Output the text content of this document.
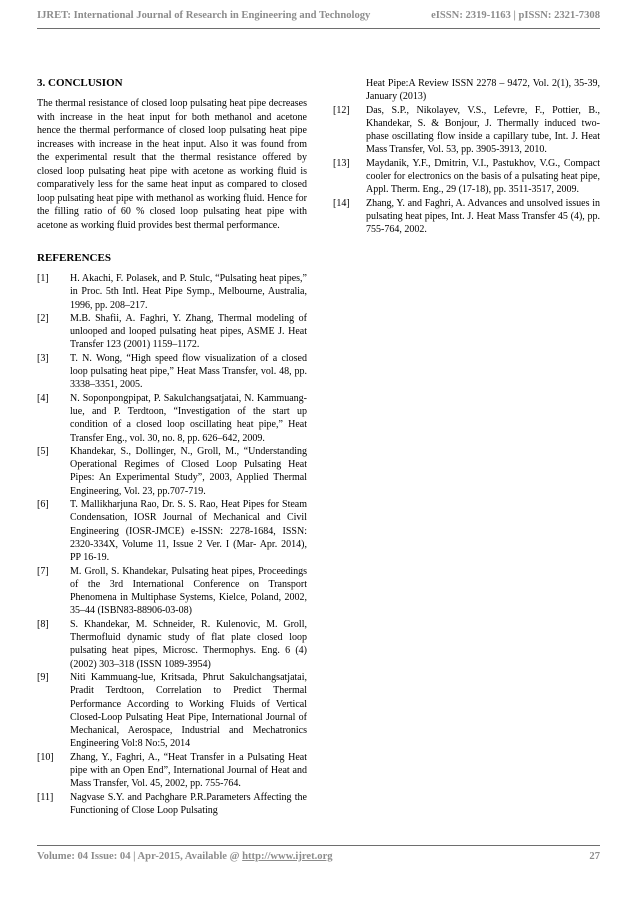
IJRET: International Journal of Research in Engineering and Technology	eISSN: 2319-1163 | pISSN: 2321-7308
3. CONCLUSION

The thermal resistance of closed loop pulsating heat pipe decreases with increase in the heat input for both methanol and acetone hence the thermal performance of closed loop pulsating heat pipe increases with increase in the heat input. Also it was found from the experimental result that the thermal resistance offered by closed loop pulsating heat pipe with acetone as working fluid is comparatively less for the same heat input as compared to closed loop pulsating heat pipe with methanol as working fluid. Hence for the filling ratio of 60 % closed loop pulsating heat pipe with acetone as working fluid provides best thermal performance.

REFERENCES
[1]	H. Akachi, F. Polasek, and P. Stulc, “Pulsating heat pipes,” in Proc. 5th Intl. Heat Pipe Symp., Melbourne, Australia, 1996, pp. 208–217.
[2]	M.B. Shafii, A. Faghri, Y. Zhang, Thermal modeling of unlooped and looped pulsating heat pipes, ASME J. Heat Transfer 123 (2001) 1159–1172.
[3]	T. N. Wong, “High speed flow visualization of a closed loop pulsating heat pipe,” Heat Mass Transfer, vol. 48, pp. 3338–3351, 2005.
[4]	N. Soponpongpipat, P. Sakulchangsatjatai, N. Kammuang-lue, and P. Terdtoon, “Investigation of the start up condition of a closed loop oscillating heat pipe,” Heat Transfer Eng., vol. 30, no. 8, pp. 626–642, 2009.
[5]	Khandekar, S., Dollinger, N., Groll, M., “Understanding Operational Regimes of Closed Loop Pulsating Heat Pipes: An Experimental Study”, 2003, Applied Thermal Engineering, Vol. 23, pp.707-719.
[6]	T. Mallikharjuna Rao, Dr. S. S. Rao, Heat Pipes for Steam Condensation, IOSR Journal of Mechanical and Civil Engineering (IOSR-JMCE) e-ISSN: 2278-1684, ISSN: 2320-334X, Volume 11, Issue 2 Ver. I (Mar- Apr. 2014), PP 16-19.
[7]	M. Groll, S. Khandekar, Pulsating heat pipes, Proceedings of the 3rd International Conference on Transport Phenomena in Multiphase Systems, Kielce, Poland, 2002, 35–44 (ISBN83-88906-03-08)
[8]	S. Khandekar, M. Schneider, R. Kulenovic, M. Groll, Thermofluid dynamic study of flat plate closed loop pulsating heat pipes, Microsc. Thermophys. Eng. 6 (4) (2002) 303–318 (ISSN 1089-3954)
[9]	Niti Kammuang-lue, Kritsada, Phrut Sakulchangsatjatai, Pradit Terdtoon, Correlation to Predict Thermal Performance According to Working Fluids of Vertical Closed-Loop Pulsating Heat Pipe, International Journal of Mechanical, Aerospace, Industrial and Mechatronics Engineering Vol:8 No:5, 2014
[10]	Zhang, Y., Faghri, A., “Heat Transfer in a Pulsating Heat pipe with an Open End”, International Journal of Heat and Mass Transfer, Vol. 45, 2002, pp. 755-764.
[11]	Nagvase S.Y. and Pachghare P.R.Parameters Affecting the Functioning of Close Loop Pulsating
Heat Pipe:A Review ISSN 2278 – 9472, Vol. 2(1), 35-39, January (2013)
[12]	Das, S.P., Nikolayev, V.S., Lefevre, F., Pottier, B., Khandekar, S. & Bonjour, J. Thermally induced two-phase oscillating flow inside a capillary tube, Int. J. Heat Mass Transfer, Vol. 53, pp. 3905-3913, 2010.
[13]	Maydanik, Y.F., Dmitrin, V.I., Pastukhov, V.G., Compact cooler for electronics on the basis of a pulsating heat pipe, Appl. Therm. Eng., 29 (17-18), pp. 3511-3517, 2009.
[14]	Zhang, Y. and Faghri, A. Advances and unsolved issues in pulsating heat pipes, Int. J. Heat Mass Transfer 45 (4), pp. 755-764, 2002.
Volume: 04 Issue: 04 | Apr-2015, Available @ http://www.ijret.org	27
